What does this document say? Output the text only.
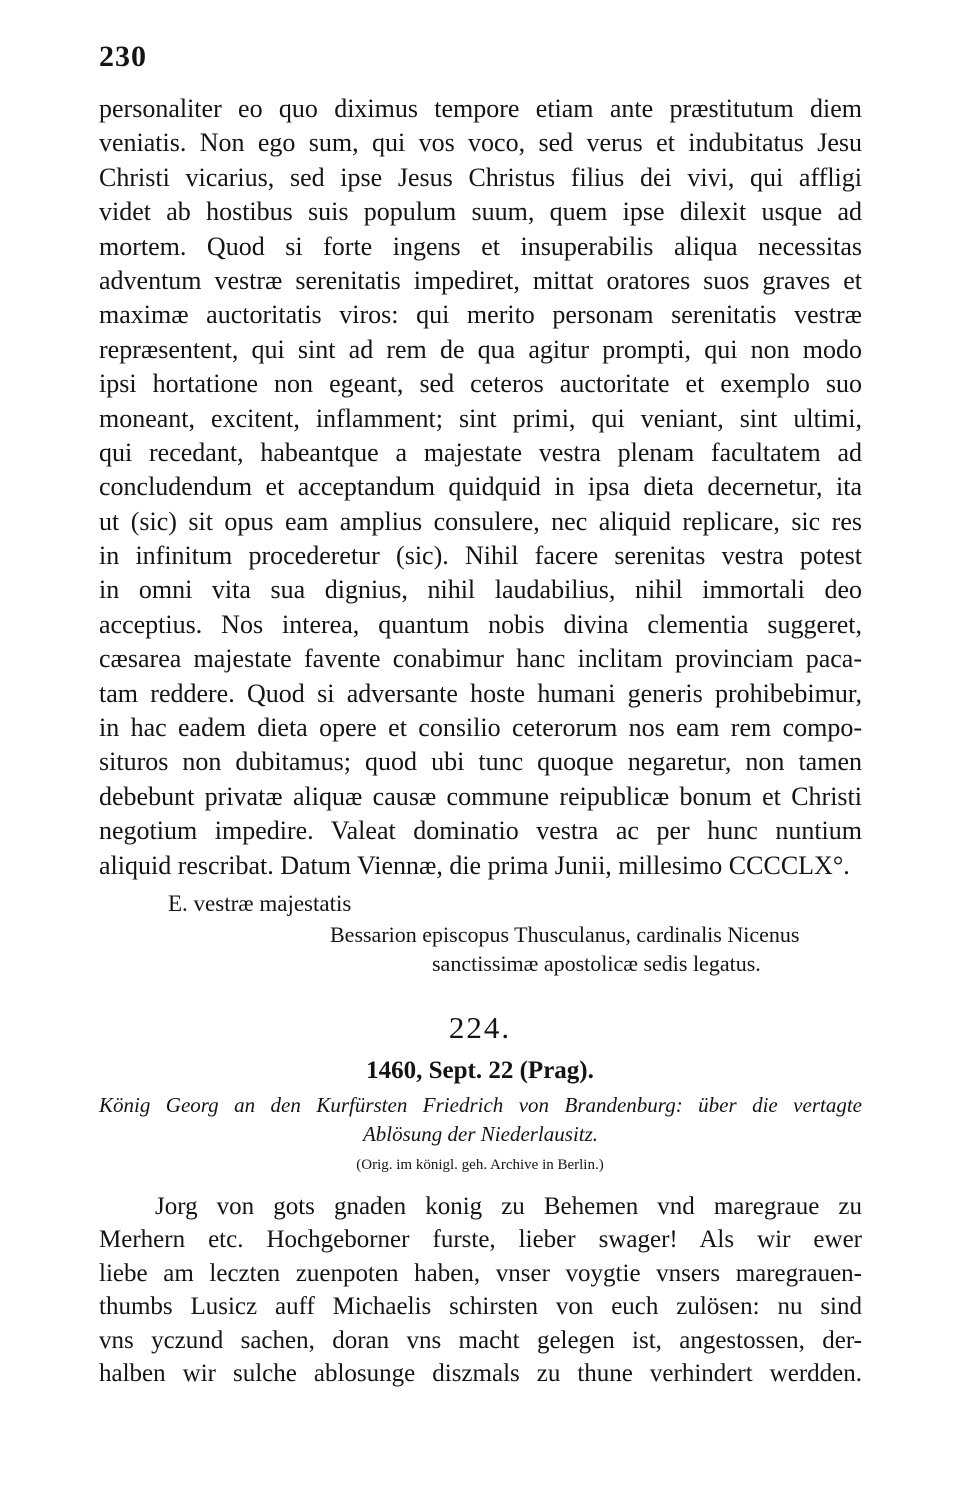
230
personaliter eo quo diximus tempore etiam ante præstitutum diem
veniatis. Non ego sum, qui vos voco, sed verus et indubitatus Jesu
Christi vicarius, sed ipse Jesus Christus filius dei vivi, qui affligi
videt ab hostibus suis populum suum, quem ipse dilexit usque ad
mortem. Quod si forte ingens et insuperabilis aliqua necessitas
adventum vestræ serenitatis impediret, mittat oratores suos graves et
maximæ auctoritatis viros: qui merito personam serenitatis vestræ
repræsentent, qui sint ad rem de qua agitur prompti, qui non modo
ipsi hortatione non egeant, sed ceteros auctoritate et exemplo suo
moneant, excitent, inflamment; sint primi, qui veniant, sint ultimi,
qui recedant, habeantque a majestate vestra plenam facultatem ad
concludendum et acceptandum quidquid in ipsa dieta decernetur, ita
ut (sic) sit opus eam amplius consulere, nec aliquid replicare, sic res
in infinitum procederetur (sic). Nihil facere serenitas vestra potest
in omni vita sua dignius, nihil laudabilius, nihil immortali deo
acceptius. Nos interea, quantum nobis divina clementia suggeret,
cæsarea majestate favente conabimur hanc inclitam provinciam paca-
tam reddere. Quod si adversante hoste humani generis prohibebimur,
in hac eadem dieta opere et consilio ceterorum nos eam rem compo-
situros non dubitamus; quod ubi tunc quoque negaretur, non tamen
debebunt privatæ aliquæ causæ commune reipublicæ bonum et Christi
negotium impedire. Valeat dominatio vestra ac per hunc nuntium
aliquid rescribat. Datum Viennæ, die prima Junii, millesimo CCCCLX°.
E. vestræ majestatis
Bessarion episcopus Thusculanus, cardinalis Nicenus
sanctissimæ apostolicæ sedis legatus.
224.
1460, Sept. 22 (Prag).
König Georg an den Kurfürsten Friedrich von Brandenburg: über die vertagte
Ablösung der Niederlausitz.
(Orig. im königl. geh. Archive in Berlin.)
Jorg von gots gnaden konig zu Behemen vnd maregraue zu
Merhern etc. Hochgeborner furste, lieber swager! Als wir ewer
liebe am leczten zuenpoten haben, vnser voygtie vnsers maregrauen-
thumbs Lusicz auff Michaelis schirsten von euch zulösen: nu sind
vns yczund sachen, doran vns macht gelegen ist, angestossen, der-
halben wir sulche ablosunge diszmals zu thune verhindert werdden.
